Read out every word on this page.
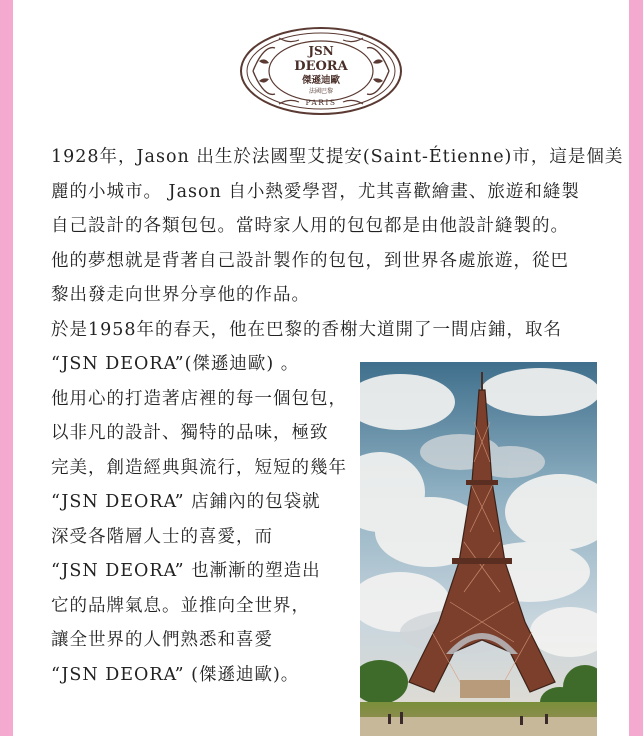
JSN
DEORA
傑遜迪歐
法國巴黎
PARIS
1928年，Jason 出生於法國聖艾提安(Saint-Étienne)市，這是個美
麗的小城市。 Jason 自小熱愛學習，尤其喜歡繪畫、旅遊和縫製
自己設計的各類包包。當時家人用的包包都是由他設計縫製的。
他的夢想就是背著自己設計製作的包包，到世界各處旅遊，從巴
黎出發走向世界分享他的作品。
於是1958年的春天，他在巴黎的香榭大道開了一間店鋪，取名
“JSN DEORA”(傑遜迪歐) 。
他用心的打造著店裡的每一個包包，
以非凡的設計、獨特的品味，極致
完美，創造經典與流行，短短的幾年
“JSN DEORA” 店鋪內的包袋就
深受各階層人士的喜愛，而
“JSN DEORA” 也漸漸的塑造出
它的品牌氣息。並推向全世界，
讓全世界的人們熟悉和喜愛
“JSN DEORA” (傑遜迪歐)。
